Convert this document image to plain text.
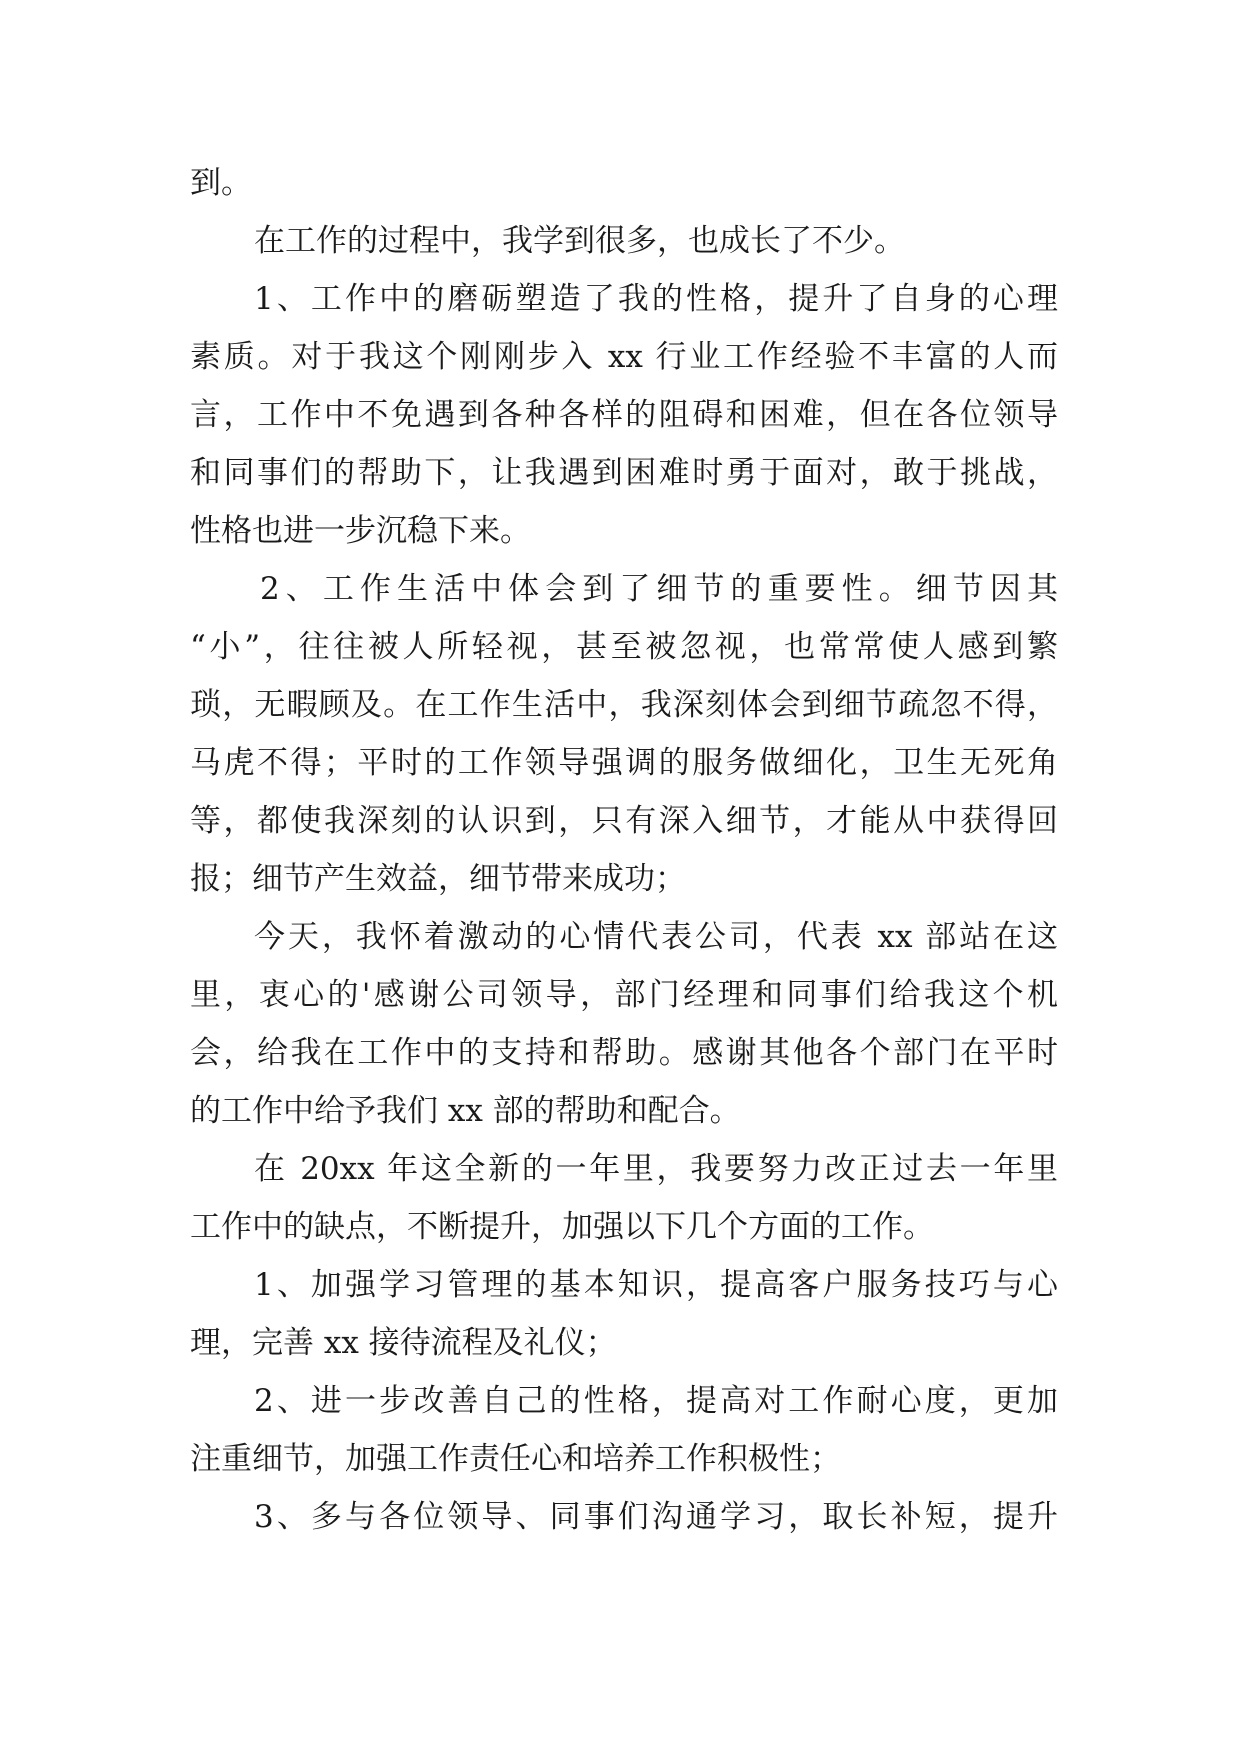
到。
在工作的过程中，我学到很多，也成长了不少。
1、工作中的磨砺塑造了我的性格，提升了自身的心理
素质。对于我这个刚刚步入 xx 行业工作经验不丰富的人而
言，工作中不免遇到各种各样的阻碍和困难，但在各位领导
和同事们的帮助下，让我遇到困难时勇于面对，敢于挑战，
性格也进一步沉稳下来。
2、工作生活中体会到了细节的重要性。细节因其
“小”，往往被人所轻视，甚至被忽视，也常常使人感到繁
琐，无暇顾及。在工作生活中，我深刻体会到细节疏忽不得，
马虎不得；平时的工作领导强调的服务做细化，卫生无死角
等，都使我深刻的认识到，只有深入细节，才能从中获得回
报；细节产生效益，细节带来成功；
今天，我怀着激动的心情代表公司，代表 xx 部站在这
里，衷心的'感谢公司领导，部门经理和同事们给我这个机
会，给我在工作中的支持和帮助。感谢其他各个部门在平时
的工作中给予我们 xx 部的帮助和配合。
在 20xx 年这全新的一年里，我要努力改正过去一年里
工作中的缺点，不断提升，加强以下几个方面的工作。
1、加强学习管理的基本知识，提高客户服务技巧与心
理，完善 xx 接待流程及礼仪；
2、进一步改善自己的性格，提高对工作耐心度，更加
注重细节，加强工作责任心和培养工作积极性；
3、多与各位领导、同事们沟通学习，取长补短，提升
